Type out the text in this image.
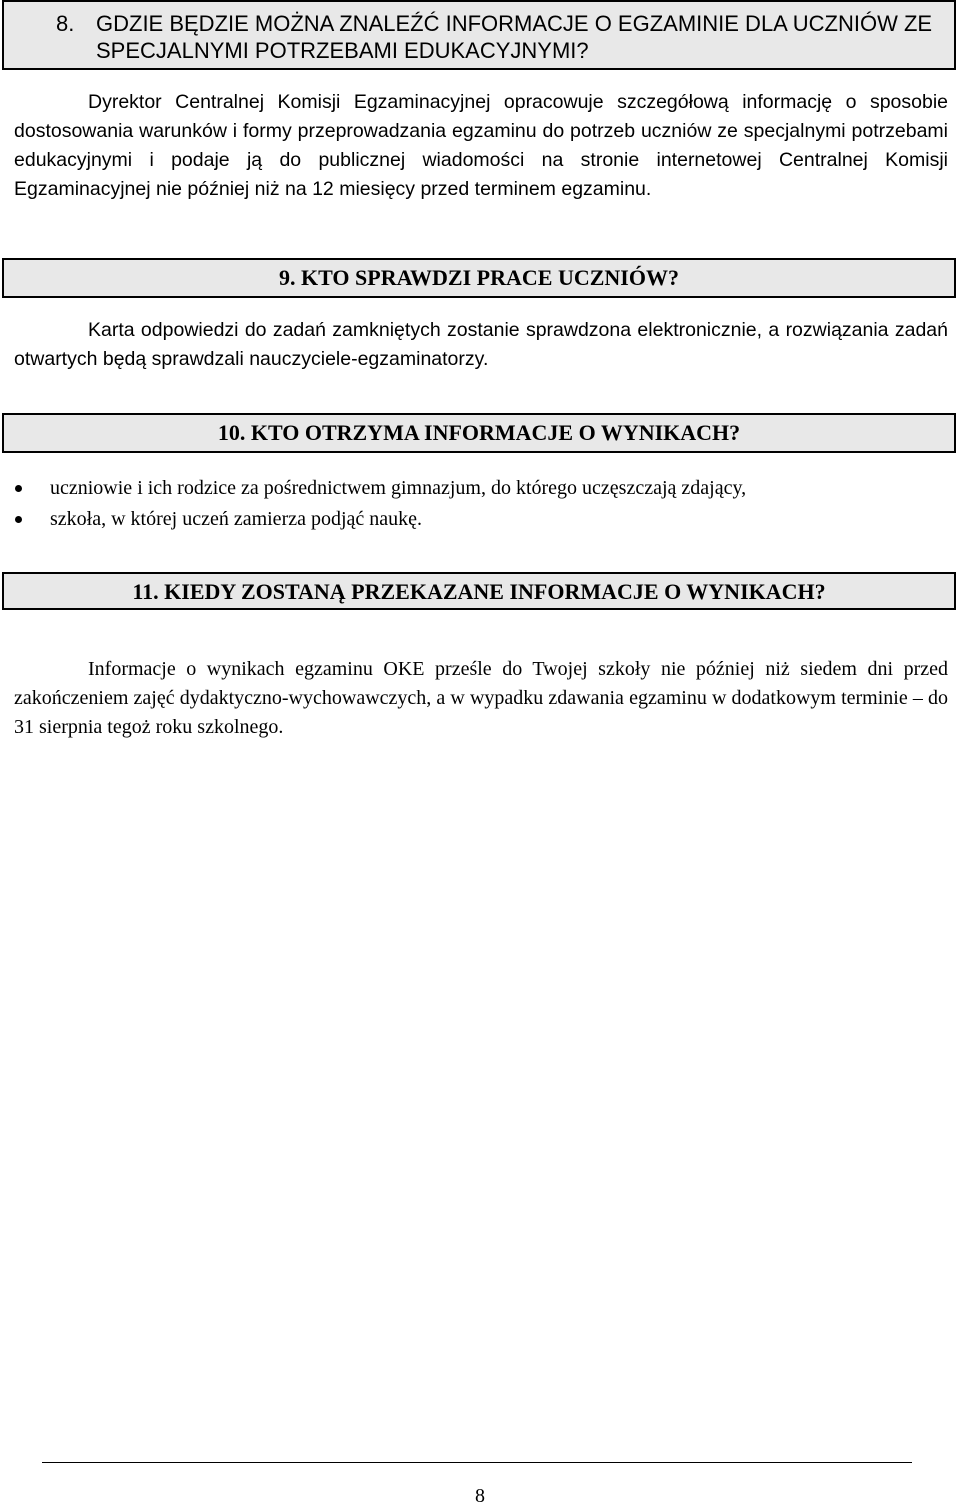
8. GDZIE BĘDZIE MOŻNA ZNALEŹĆ INFORMACJE O EGZAMINIE DLA UCZNIÓW ZE SPECJALNYMI POTRZEBAMI EDUKACYJNYMI?
Dyrektor Centralnej Komisji Egzaminacyjnej opracowuje szczegółową informację o sposobie dostosowania warunków i formy przeprowadzania egzaminu do potrzeb uczniów ze specjalnymi potrzebami edukacyjnymi i podaje ją do publicznej wiadomości na stronie internetowej Centralnej Komisji Egzaminacyjnej nie później niż na 12 miesięcy przed terminem egzaminu.
9. KTO SPRAWDZI PRACE UCZNIÓW?
Karta odpowiedzi do zadań zamkniętych zostanie sprawdzona elektronicznie, a rozwiązania zadań otwartych będą sprawdzali nauczyciele-egzaminatorzy.
10. KTO OTRZYMA INFORMACJE O WYNIKACH?
uczniowie i ich rodzice za pośrednictwem gimnazjum, do którego uczęszczają zdający,
szkoła, w której uczeń zamierza podjąć naukę.
11. KIEDY ZOSTANĄ PRZEKAZANE INFORMACJE O WYNIKACH?
Informacje o wynikach egzaminu OKE prześle do Twojej szkoły nie później niż siedem dni przed zakończeniem zajęć dydaktyczno-wychowawczych, a w wypadku zdawania egzaminu w dodatkowym terminie – do 31 sierpnia tegoż roku szkolnego.
8
